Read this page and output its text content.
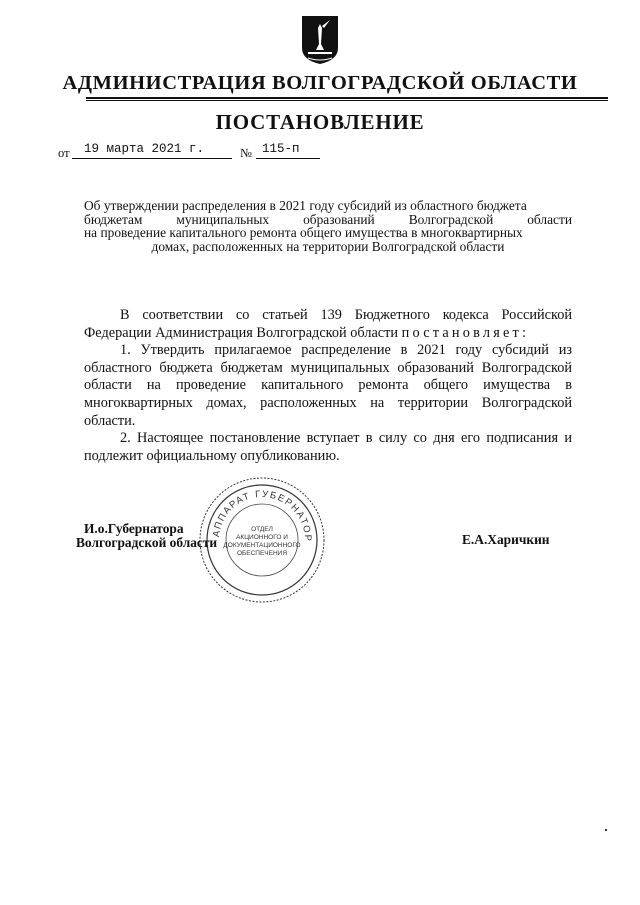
АДМИНИСТРАЦИЯ ВОЛГОГРАДСКОЙ ОБЛАСТИ
ПОСТАНОВЛЕНИЕ
от 19 марта 2021 г.	№ 115-п
Об утверждении распределения в 2021 году субсидий из областного бюджета
бюджетам муниципальных образований Волгоградской области
на проведение капитального ремонта общего имущества в многоквартирных
домах, расположенных на территории Волгоградской области

В соответствии со статьей 139 Бюджетного кодекса Российской Федерации Администрация Волгоградской области постановляет:

1. Утвердить прилагаемое распределение в 2021 году субсидий из областного бюджета бюджетам муниципальных образований Волгоградской области на проведение капитального ремонта общего имущества в многоквартирных домах, расположенных на территории Волгоградской области.

2. Настоящее постановление вступает в силу со дня его подписания и подлежит официальному опубликованию.

АППАРАТ ГУБЕРНАТОР
ОТДЕЛ
АКЦИОННОГО И
ДОКУМЕНТАЦИОННОГО
ОБЕСПЕЧЕНИЯ
И.о.Губернатора
Волгоградской области	Е.А.Харичкин
